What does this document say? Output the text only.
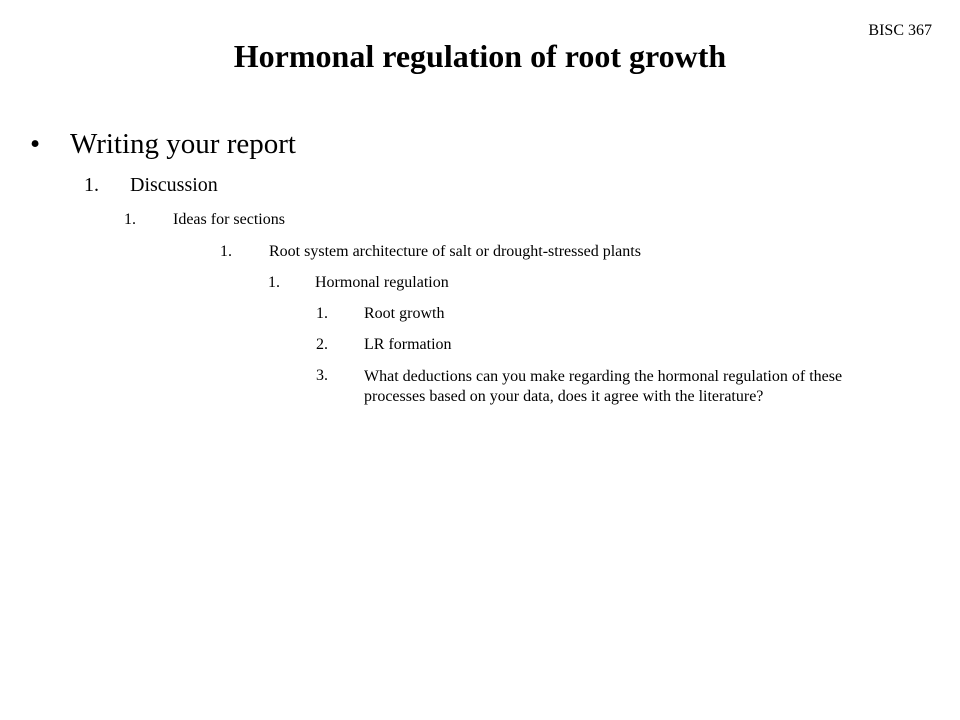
BISC 367
Hormonal regulation of root growth
• Writing your report
1. Discussion
1. Ideas for sections
1. Root system architecture of salt or drought-stressed plants
1. Hormonal regulation
1. Root growth
2. LR formation
3. What deductions can you make regarding the hormonal regulation of these processes based on your data, does it agree with the literature?
